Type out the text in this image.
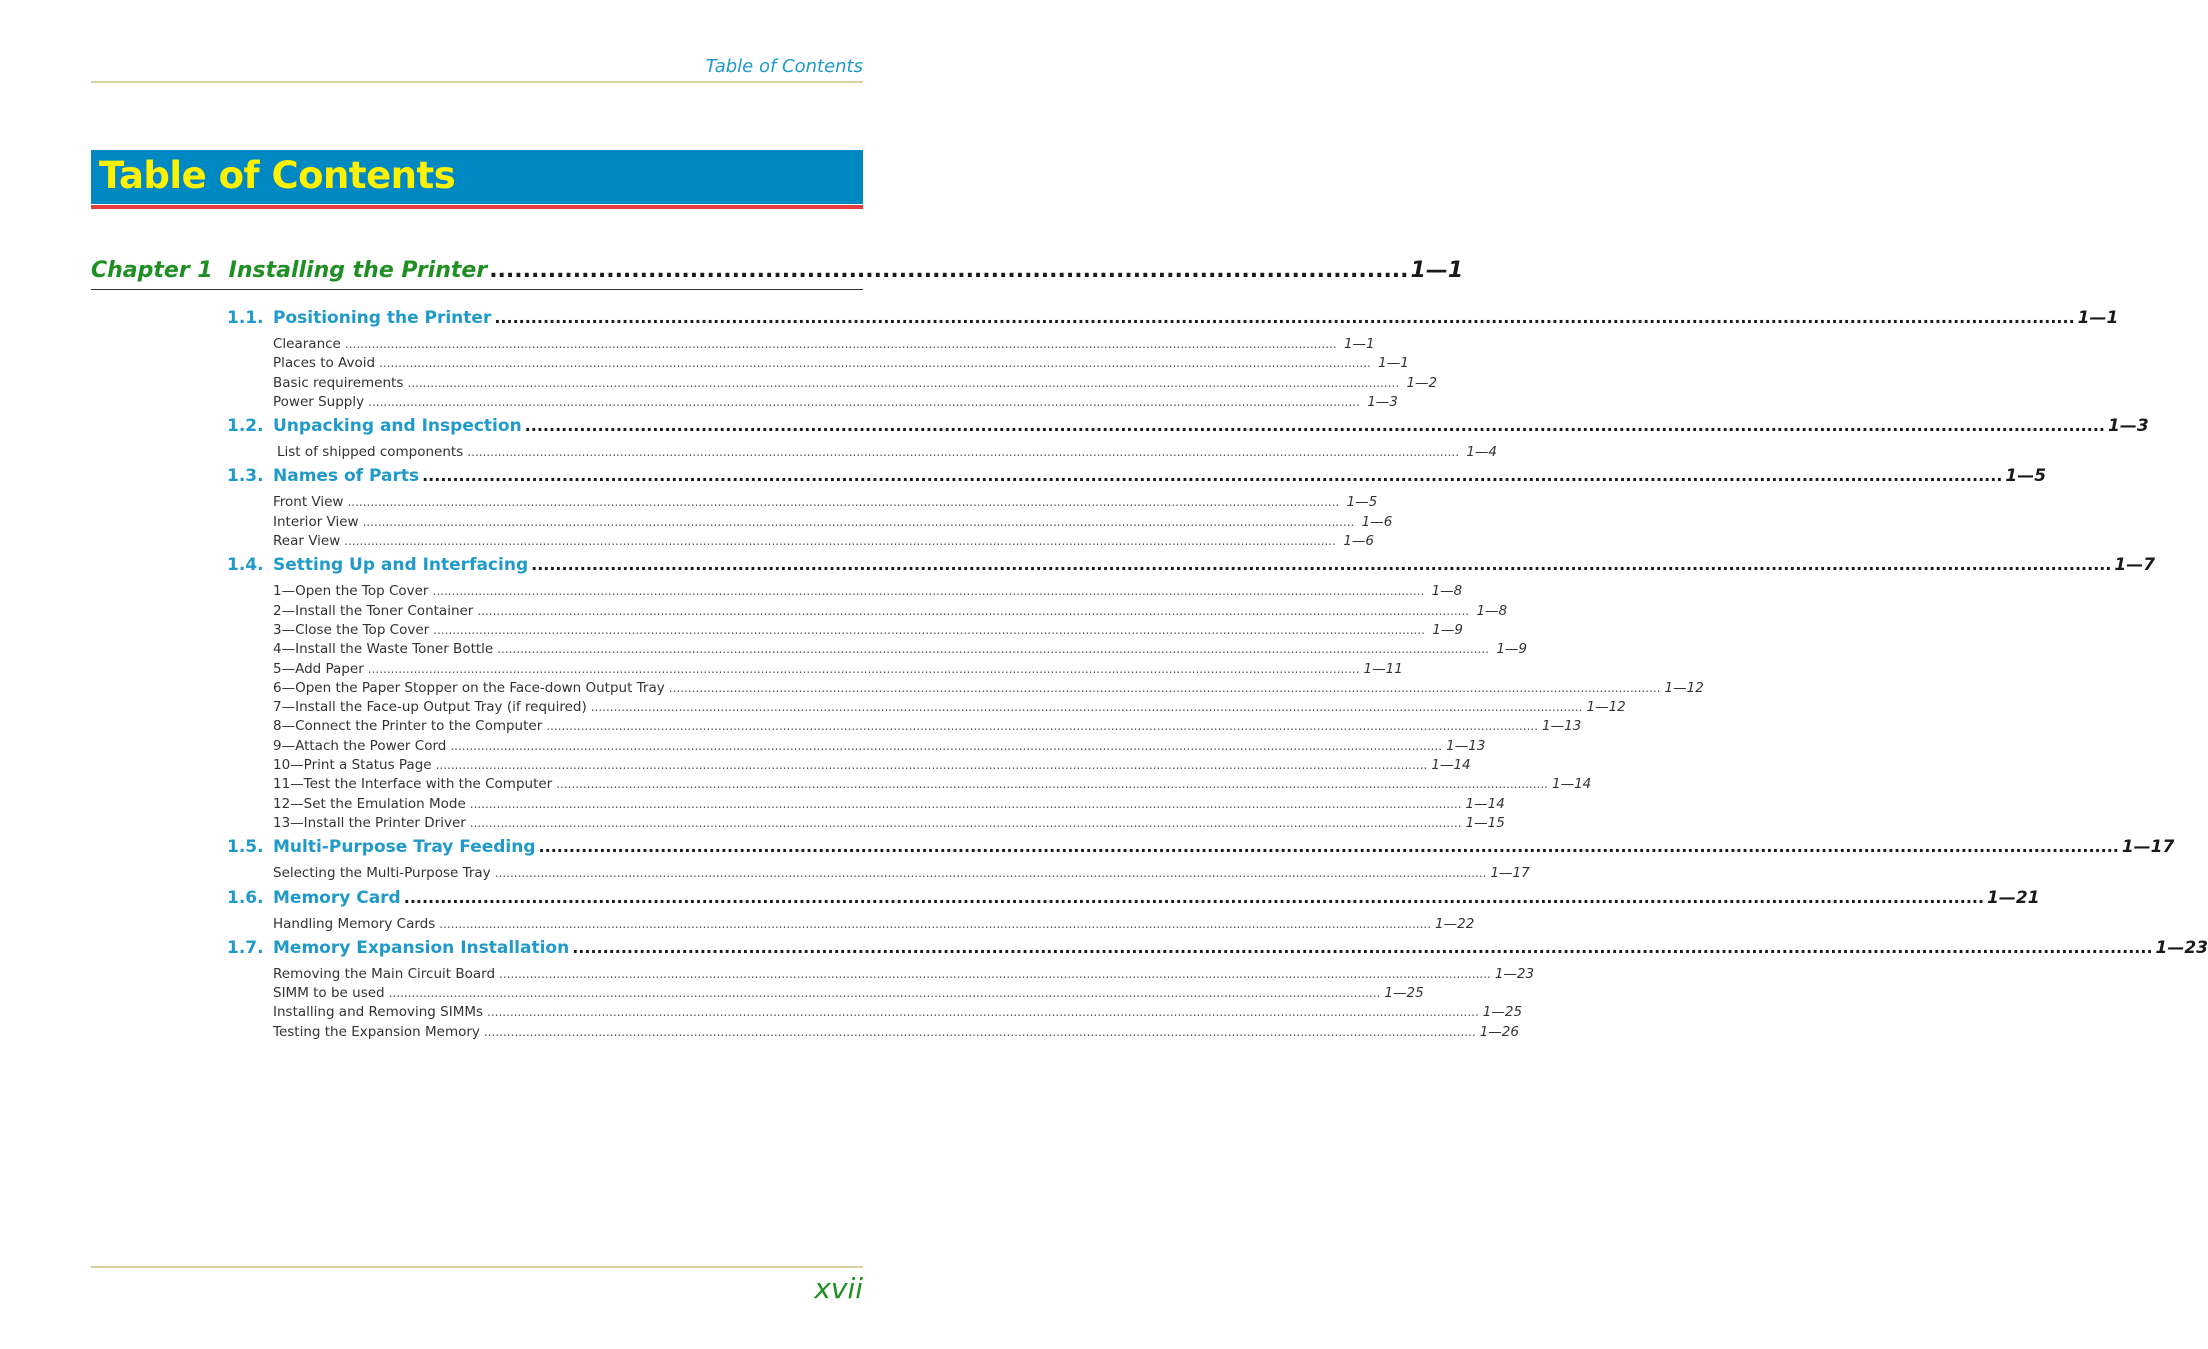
Table of Contents
Table of Contents
Chapter 1 Installing the Printer .............................................................................................................. 1—1
1.1. Positioning the Printer .................................................................................................................................................................................................................................................................... 1—1
Clearance .................................................................................................................................................................................................................................................................... 1—1
Places to Avoid .................................................................................................................................................................................................................................................................... 1—1
Basic requirements .................................................................................................................................................................................................................................................................... 1—2
Power Supply .................................................................................................................................................................................................................................................................... 1—3
1.2. Unpacking and Inspection .................................................................................................................................................................................................................................................................... 1—3
List of shipped components .................................................................................................................................................................................................................................................................... 1—4
1.3. Names of Parts .................................................................................................................................................................................................................................................................... 1—5
Front View .................................................................................................................................................................................................................................................................... 1—5
Interior View .................................................................................................................................................................................................................................................................... 1—6
Rear View .................................................................................................................................................................................................................................................................... 1—6
1.4. Setting Up and Interfacing .................................................................................................................................................................................................................................................................... 1—7
1—Open the Top Cover .................................................................................................................................................................................................................................................................... 1—8
2—Install the Toner Container .................................................................................................................................................................................................................................................................... 1—8
3—Close the Top Cover .................................................................................................................................................................................................................................................................... 1—9
4—Install the Waste Toner Bottle .................................................................................................................................................................................................................................................................... 1—9
5—Add Paper .................................................................................................................................................................................................................................................................... 1—11
6—Open the Paper Stopper on the Face-down Output Tray .................................................................................................................................................................................................................................................................... 1—12
7—Install the Face-up Output Tray (if required) .................................................................................................................................................................................................................................................................... 1—12
8—Connect the Printer to the Computer .................................................................................................................................................................................................................................................................... 1—13
9—Attach the Power Cord .................................................................................................................................................................................................................................................................... 1—13
10—Print a Status Page .................................................................................................................................................................................................................................................................... 1—14
11—Test the Interface with the Computer .................................................................................................................................................................................................................................................................... 1—14
12—Set the Emulation Mode .................................................................................................................................................................................................................................................................... 1—14
13—Install the Printer Driver .................................................................................................................................................................................................................................................................... 1—15
1.5. Multi-Purpose Tray Feeding .................................................................................................................................................................................................................................................................... 1—17
Selecting the Multi-Purpose Tray .................................................................................................................................................................................................................................................................... 1—17
1.6. Memory Card .................................................................................................................................................................................................................................................................... 1—21
Handling Memory Cards .................................................................................................................................................................................................................................................................... 1—22
1.7. Memory Expansion Installation .................................................................................................................................................................................................................................................................... 1—23
Removing the Main Circuit Board .................................................................................................................................................................................................................................................................... 1—23
SIMM to be used .................................................................................................................................................................................................................................................................... 1—25
Installing and Removing SIMMs .................................................................................................................................................................................................................................................................... 1—25
Testing the Expansion Memory .................................................................................................................................................................................................................................................................... 1—26
xvii
